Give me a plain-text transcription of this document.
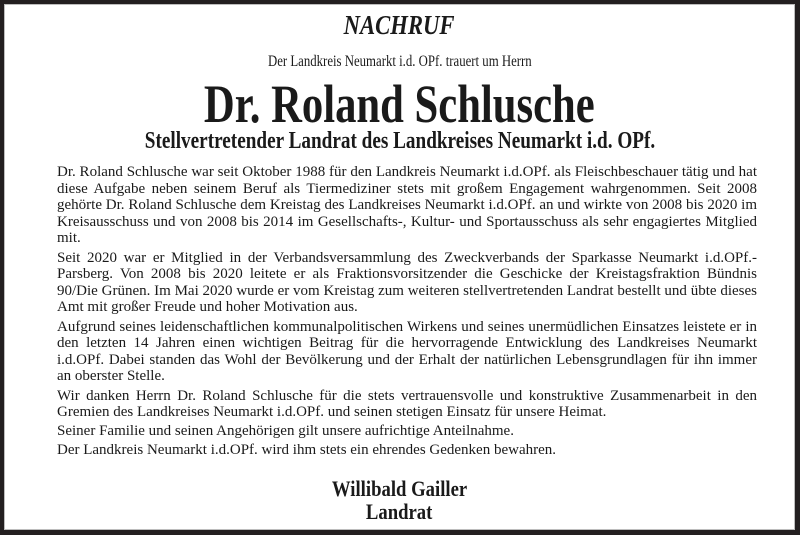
NACHRUF
Der Landkreis Neumarkt i.d. OPf. trauert um Herrn
Dr. Roland Schlusche
Stellvertretender Landrat des Landkreises Neumarkt i.d. OPf.

Dr. Roland Schlusche war seit Oktober 1988 für den Landkreis Neumarkt i.d.OPf. als Fleischbeschauer tätig und hat diese Aufgabe neben seinem Beruf als Tiermediziner stets mit großem Engagement wahrgenommen. Seit 2008 gehörte Dr. Roland Schlusche dem Kreistag des Landkreises Neumarkt i.d.OPf. an und wirkte von 2008 bis 2020 im Kreisausschuss und von 2008 bis 2014 im Gesellschafts-, Kultur- und Sportausschuss als sehr engagiertes Mitglied mit.

Seit 2020 war er Mitglied in der Verbandsversammlung des Zweckverbands der Sparkasse Neumarkt i.d.OPf.-Parsberg. Von 2008 bis 2020 leitete er als Fraktionsvorsitzender die Geschicke der Kreistagsfraktion Bündnis 90/Die Grünen. Im Mai 2020 wurde er vom Kreistag zum weiteren stellvertretenden Landrat bestellt und übte dieses Amt mit großer Freude und hoher Motivation aus.

Aufgrund seines leidenschaftlichen kommunalpolitischen Wirkens und seines unermüdlichen Einsatzes leistete er in den letzten 14 Jahren einen wichtigen Beitrag für die hervorragende Entwicklung des Landkreises Neumarkt i.d.OPf. Dabei standen das Wohl der Bevölkerung und der Erhalt der natürlichen Lebensgrundlagen für ihn immer an oberster Stelle.

Wir danken Herrn Dr. Roland Schlusche für die stets vertrauensvolle und konstruktive Zusammenarbeit in den Gremien des Landkreises Neumarkt i.d.OPf. und seinen stetigen Einsatz für unsere Heimat.

Seiner Familie und seinen Angehörigen gilt unsere aufrichtige Anteilnahme.

Der Landkreis Neumarkt i.d.OPf. wird ihm stets ein ehrendes Gedenken bewahren.

Willibald Gailler
Landrat
